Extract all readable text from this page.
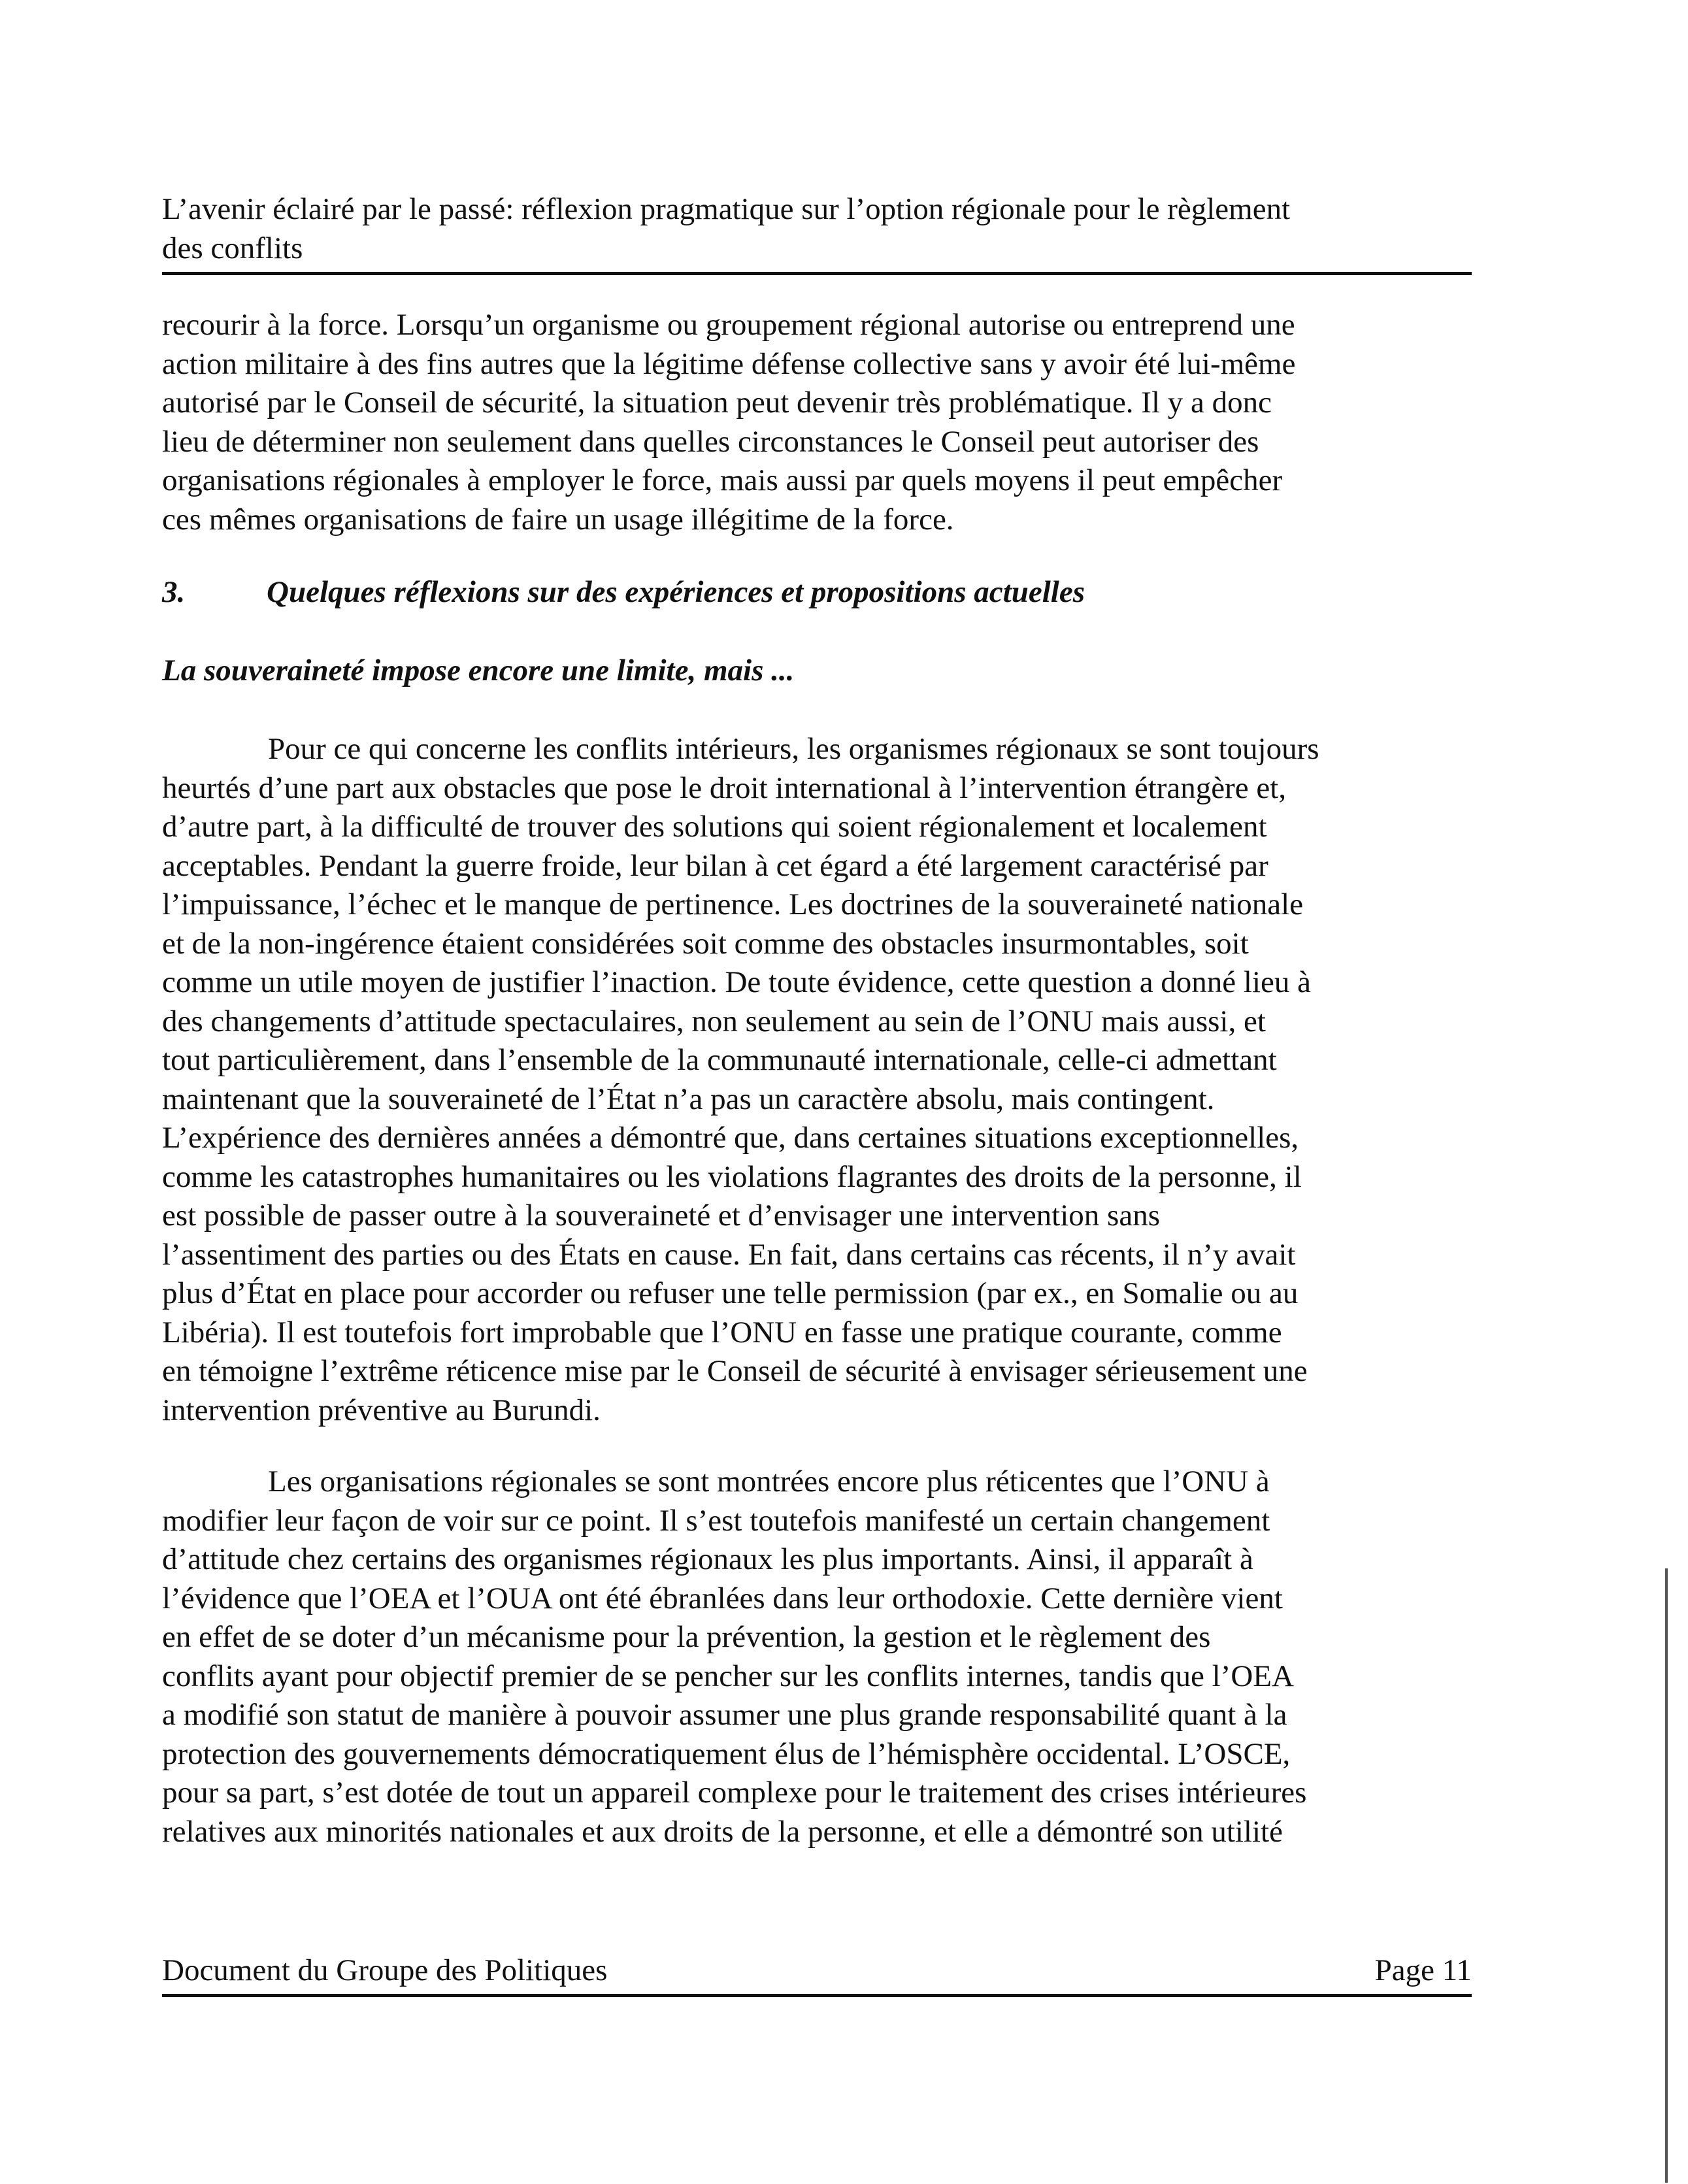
L’avenir éclairé par le passé: réflexion pragmatique sur l’option régionale pour le règlement
des conflits
recourir à la force. Lorsqu’un organisme ou groupement régional autorise ou entreprend une
action militaire à des fins autres que la légitime défense collective sans y avoir été lui-même
autorisé par le Conseil de sécurité, la situation peut devenir très problématique. Il y a donc
lieu de déterminer non seulement dans quelles circonstances le Conseil peut autoriser des
organisations régionales à employer le force, mais aussi par quels moyens il peut empêcher
ces mêmes organisations de faire un usage illégitime de la force.
3.	Quelques réflexions sur des expériences et propositions actuelles
La souveraineté impose encore une limite, mais ...
Pour ce qui concerne les conflits intérieurs, les organismes régionaux se sont toujours
heurtés d’une part aux obstacles que pose le droit international à l’intervention étrangère et,
d’autre part, à la difficulté de trouver des solutions qui soient régionalement et localement
acceptables. Pendant la guerre froide, leur bilan à cet égard a été largement caractérisé par
l’impuissance, l’échec et le manque de pertinence. Les doctrines de la souveraineté nationale
et de la non-ingérence étaient considérées soit comme des obstacles insurmontables, soit
comme un utile moyen de justifier l’inaction. De toute évidence, cette question a donné lieu à
des changements d’attitude spectaculaires, non seulement au sein de l’ONU mais aussi, et
tout particulièrement, dans l’ensemble de la communauté internationale, celle-ci admettant
maintenant que la souveraineté de l’État n’a pas un caractère absolu, mais contingent.
L’expérience des dernières années a démontré que, dans certaines situations exceptionnelles,
comme les catastrophes humanitaires ou les violations flagrantes des droits de la personne, il
est possible de passer outre à la souveraineté et d’envisager une intervention sans
l’assentiment des parties ou des États en cause. En fait, dans certains cas récents, il n’y avait
plus d’État en place pour accorder ou refuser une telle permission (par ex., en Somalie ou au
Libéria). Il est toutefois fort improbable que l’ONU en fasse une pratique courante, comme
en témoigne l’extrême réticence mise par le Conseil de sécurité à envisager sérieusement une
intervention préventive au Burundi.
Les organisations régionales se sont montrées encore plus réticentes que l’ONU à
modifier leur façon de voir sur ce point. Il s’est toutefois manifesté un certain changement
d’attitude chez certains des organismes régionaux les plus importants. Ainsi, il apparaît à
l’évidence que l’OEA et l’OUA ont été ébranlées dans leur orthodoxie. Cette dernière vient
en effet de se doter d’un mécanisme pour la prévention, la gestion et le règlement des
conflits ayant pour objectif premier de se pencher sur les conflits internes, tandis que l’OEA
a modifié son statut de manière à pouvoir assumer une plus grande responsabilité quant à la
protection des gouvernements démocratiquement élus de l’hémisphère occidental. L’OSCE,
pour sa part, s’est dotée de tout un appareil complexe pour le traitement des crises intérieures
relatives aux minorités nationales et aux droits de la personne, et elle a démontré son utilité
Document du Groupe des Politiques	Page 11
